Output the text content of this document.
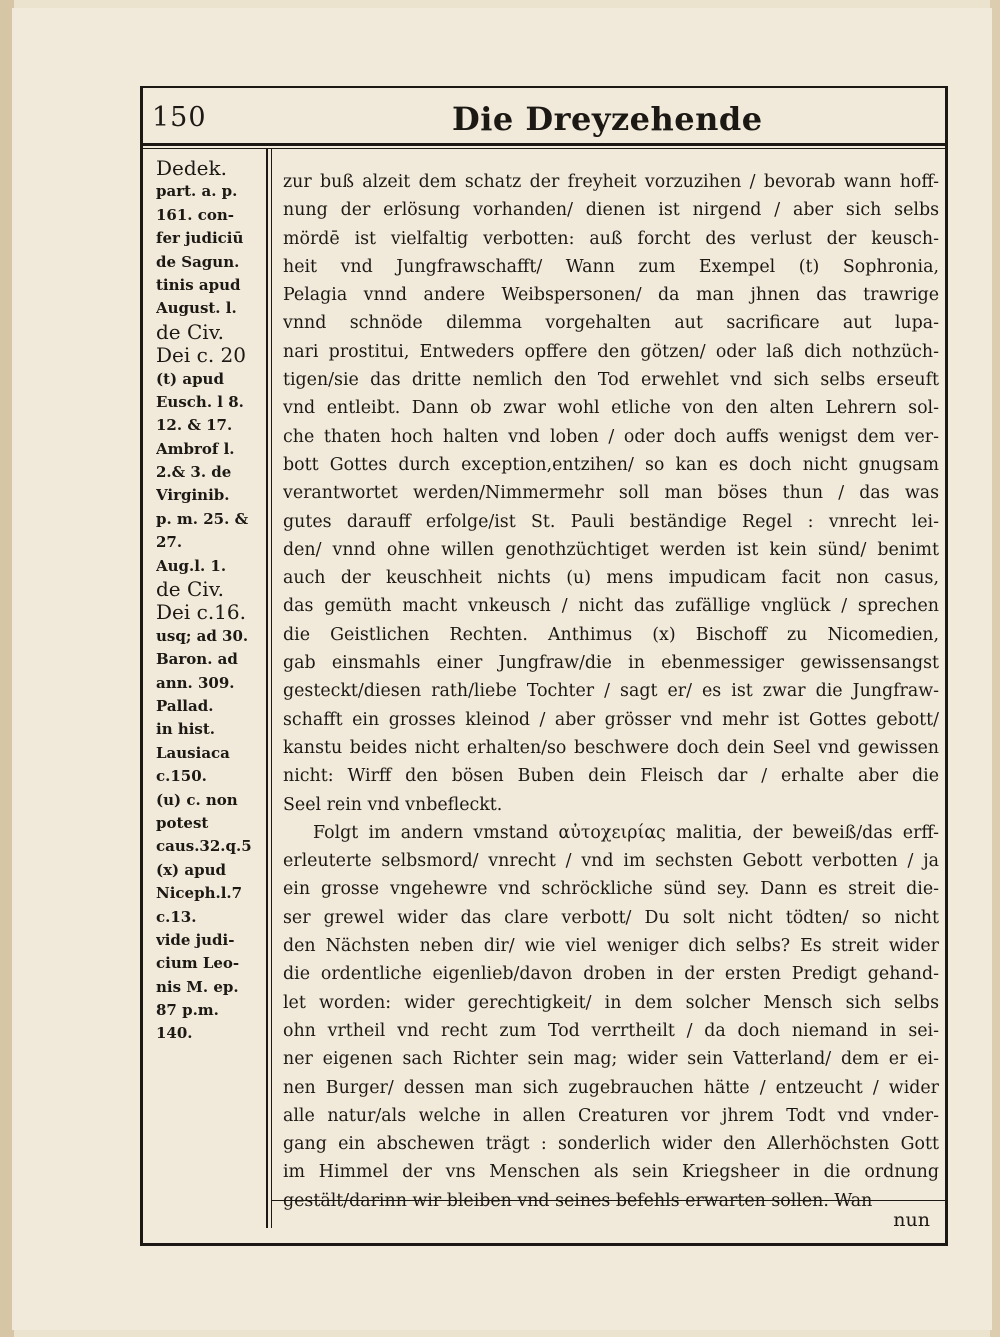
150	Die Dreyzehende
Dedek.
part. a. p.
161. con-
fer judiciū
de Sagun.
tinis apud
August. l.
de Civ.
Dei c. 20
(t) apud
Eusch. l 8.
12. & 17.
Ambrof l.
2.& 3. de
Virginib.
p. m. 25. &
27.
Aug.l. 1.
de Civ.
Dei c.16.
usq; ad 30.
Baron. ad
ann. 309.
Pallad.
in hist.
Lausiaca
c.150.
(u) c. non
potest
caus.32.q.5
(x) apud
Niceph.l.7
c.13.
vide judi-
cium Leo-
nis M. ep.
87 p.m.
140.
zur buß alzeit dem schatz der freyheit vorzuzihen / bevorab wann hoff-
nung der erlösung vorhanden/ dienen ist nirgend / aber sich selbs
mördē ist vielfaltig verbotten: auß forcht des verlust der keusch-
heit vnd Jungfrawschafft/ Wann zum Exempel (t) Sophronia,
Pelagia vnnd andere Weibspersonen/ da man jhnen das trawrige
vnnd schnöde dilemma vorgehalten aut sacrificare aut lupa-
nari prostitui, Entweders opffere den götzen/ oder laß dich nothzüch-
tigen/sie das dritte nemlich den Tod erwehlet vnd sich selbs erseuft
vnd entleibt. Dann ob zwar wohl etliche von den alten Lehrern sol-
che thaten hoch halten vnd loben / oder doch auffs wenigst dem ver-
bott Gottes durch exception,entzihen/ so kan es doch nicht gnugsam
verantwortet werden/Nimmermehr soll man böses thun / das was
gutes darauff erfolge/ist St. Pauli beständige Regel : vnrecht lei-
den/ vnnd ohne willen genothzüchtiget werden ist kein sünd/ benimt
auch der keuschheit nichts (u) mens impudicam facit non casus,
das gemüth macht vnkeusch / nicht das zufällige vnglück / sprechen
die Geistlichen Rechten. Anthimus (x) Bischoff zu Nicomedien,
gab einsmahls einer Jungfraw/die in ebenmessiger gewissensangst
gesteckt/diesen rath/liebe Tochter / sagt er/ es ist zwar die Jungfraw-
schafft ein grosses kleinod / aber grösser vnd mehr ist Gottes gebott/
kanstu beides nicht erhalten/so beschwere doch dein Seel vnd gewissen
nicht: Wirff den bösen Buben dein Fleisch dar / erhalte aber die
Seel rein vnd vnbefleckt.
Folgt im andern vmstand αὐτοχειρίας malitia, der beweiß/das erff-
erleuterte selbsmord/ vnrecht / vnd im sechsten Gebott verbotten / ja
ein grosse vngehewre vnd schröckliche sünd sey. Dann es streit die-
ser grewel wider das clare verbott/ Du solt nicht tödten/ so nicht
den Nächsten neben dir/ wie viel weniger dich selbs? Es streit wider
die ordentliche eigenlieb/davon droben in der ersten Predigt gehand-
let worden: wider gerechtigkeit/ in dem solcher Mensch sich selbs
ohn vrtheil vnd recht zum Tod verrtheilt / da doch niemand in sei-
ner eigenen sach Richter sein mag; wider sein Vatterland/ dem er ei-
nen Burger/ dessen man sich zugebrauchen hätte / entzeucht / wider
alle natur/als welche in allen Creaturen vor jhrem Todt vnd vnder-
gang ein abschewen trägt : sonderlich wider den Allerhöchsten Gott
im Himmel der vns Menschen als sein Kriegsheer in die ordnung
gestält/darinn wir bleiben vnd seines befehls erwarten sollen. Wan
nun
